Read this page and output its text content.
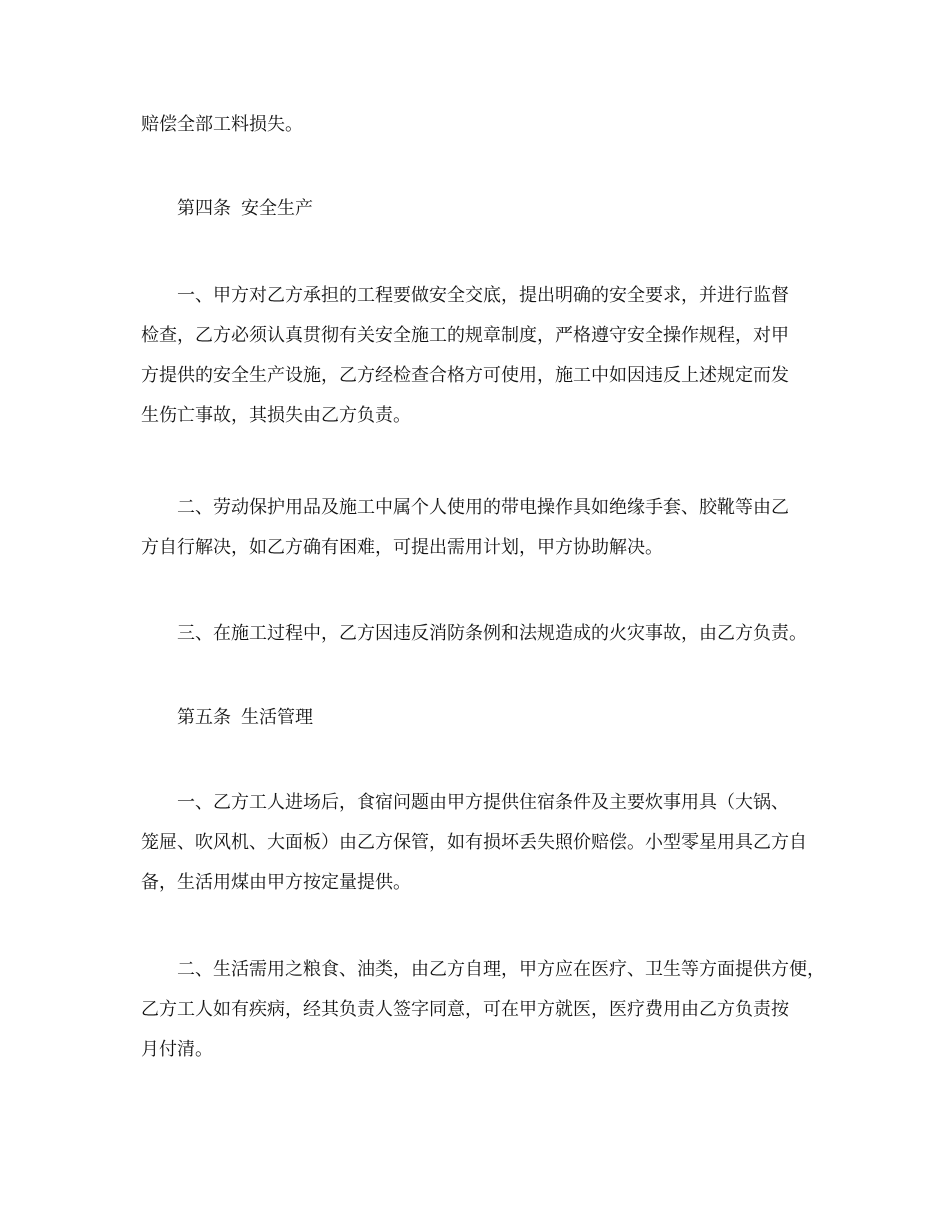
赔偿全部工料损失。

第四条 安全生产

一、甲方对乙方承担的工程要做安全交底，提出明确的安全要求，并进行监督
检查，乙方必须认真贯彻有关安全施工的规章制度，严格遵守安全操作规程，对甲
方提供的安全生产设施，乙方经检查合格方可使用，施工中如因违反上述规定而发
生伤亡事故，其损失由乙方负责。

二、劳动保护用品及施工中属个人使用的带电操作具如绝缘手套、胶靴等由乙
方自行解决，如乙方确有困难，可提出需用计划，甲方协助解决。

三、在施工过程中，乙方因违反消防条例和法规造成的火灾事故，由乙方负责。

第五条 生活管理

一、乙方工人进场后，食宿问题由甲方提供住宿条件及主要炊事用具（大锅、
笼屉、吹风机、大面板）由乙方保管，如有损坏丢失照价赔偿。小型零星用具乙方自
备，生活用煤由甲方按定量提供。

二、生活需用之粮食、油类，由乙方自理，甲方应在医疗、卫生等方面提供方便，
乙方工人如有疾病，经其负责人签字同意，可在甲方就医，医疗费用由乙方负责按
月付清。
